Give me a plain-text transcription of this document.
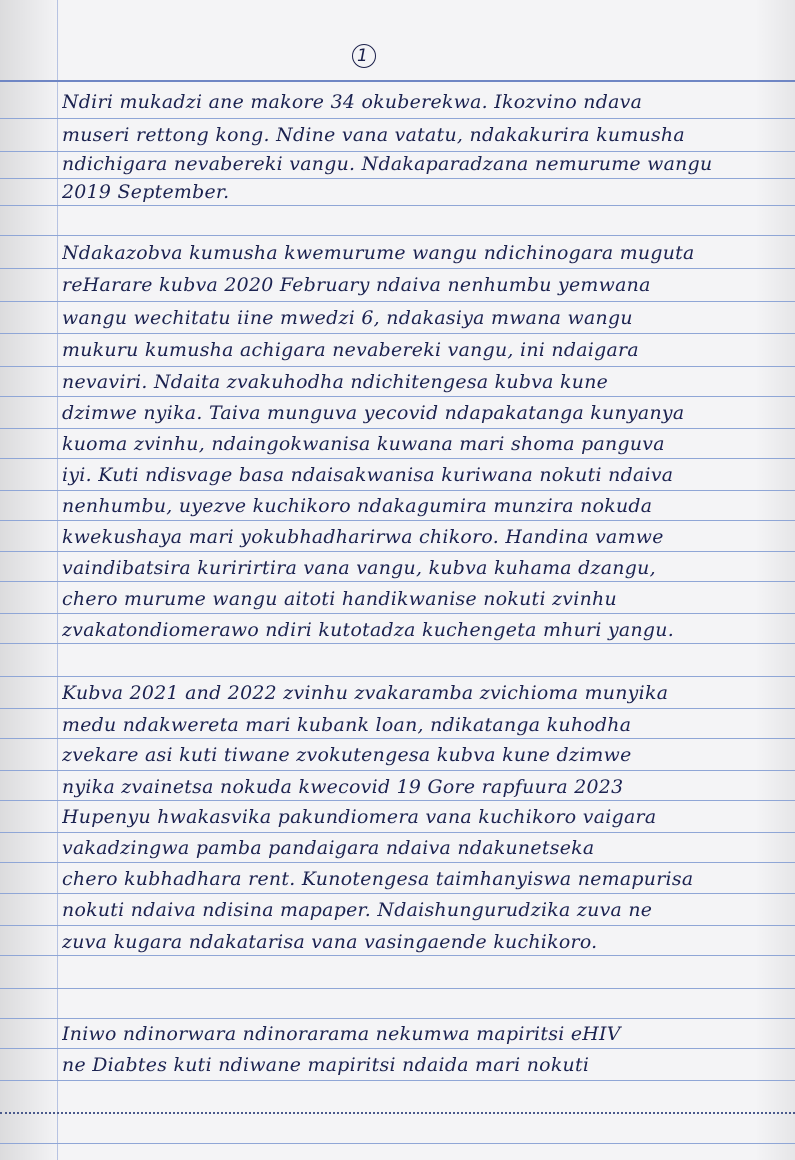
1
Ndiri mukadzi ane makore 34 okuberekwa. Ikozvino ndava
museri rettong kong. Ndine vana vatatu, ndakakurira kumusha
ndichigara nevabereki vangu. Ndakaparadzana nemurume wangu
2019 September.
Ndakazobva kumusha kwemurume wangu ndichinogara muguta
reHarare kubva 2020 February ndaiva nenhumbu yemwana
wangu wechitatu iine mwedzi 6, ndakasiya mwana wangu
mukuru kumusha achigara nevabereki vangu, ini ndaigara
nevaviri. Ndaita zvakuhodha ndichitengesa kubva kune
dzimwe nyika. Taiva munguva yecovid ndapakatanga kunyanya
kuoma zvinhu, ndaingokwanisa kuwana mari shoma panguva
iyi. Kuti ndisvage basa ndaisakwanisa kuriwana nokuti ndaiva
nenhumbu, uyezve kuchikoro ndakagumira munzira nokuda
kwekushaya mari yokubhadharirwa chikoro. Handina vamwe
vaindibatsira kuririrtira vana vangu, kubva kuhama dzangu,
chero murume wangu aitoti handikwanise nokuti zvinhu
zvakatondiomerawo ndiri kutotadza kuchengeta mhuri yangu.
Kubva 2021 and 2022 zvinhu zvakaramba zvichioma munyika
medu ndakwereta mari kubank loan, ndikatanga kuhodha
zvekare asi kuti tiwane zvokutengesa kubva kune dzimwe
nyika zvainetsa nokuda kwecovid 19 Gore rapfuura 2023
Hupenyu hwakasvika pakundiomera vana kuchikoro vaigara
vakadzingwa pamba pandaigara ndaiva ndakunetseka
chero kubhadhara rent. Kunotengesa taimhanyiswa nemapurisa
nokuti ndaiva ndisina mapaper. Ndaishungurudzika zuva ne
zuva kugara ndakatarisa vana vasingaende kuchikoro.
Iniwo ndinorwara ndinorarama nekumwa mapiritsi eHIV
ne Diabtes kuti ndiwane mapiritsi ndaida mari nokuti
